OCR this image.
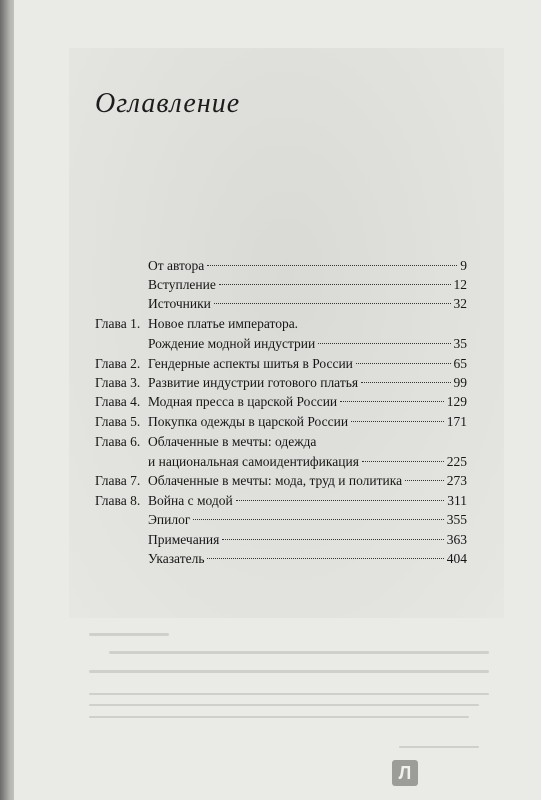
Оглавление
От автора	9
Вступление	12
Источники	32
Глава 1. Новое платье императора.
Рождение модной индустрии	35
Глава 2. Гендерные аспекты шитья в России	65
Глава 3. Развитие индустрии готового платья	99
Глава 4. Модная пресса в царской России	129
Глава 5. Покупка одежды в царской России	171
Глава 6. Облаченные в мечты: одежда
и национальная самоидентификация	225
Глава 7. Облаченные в мечты: мода, труд и политика	273
Глава 8. Война с модой	311
Эпилог	355
Примечания	363
Указатель	404
Л
